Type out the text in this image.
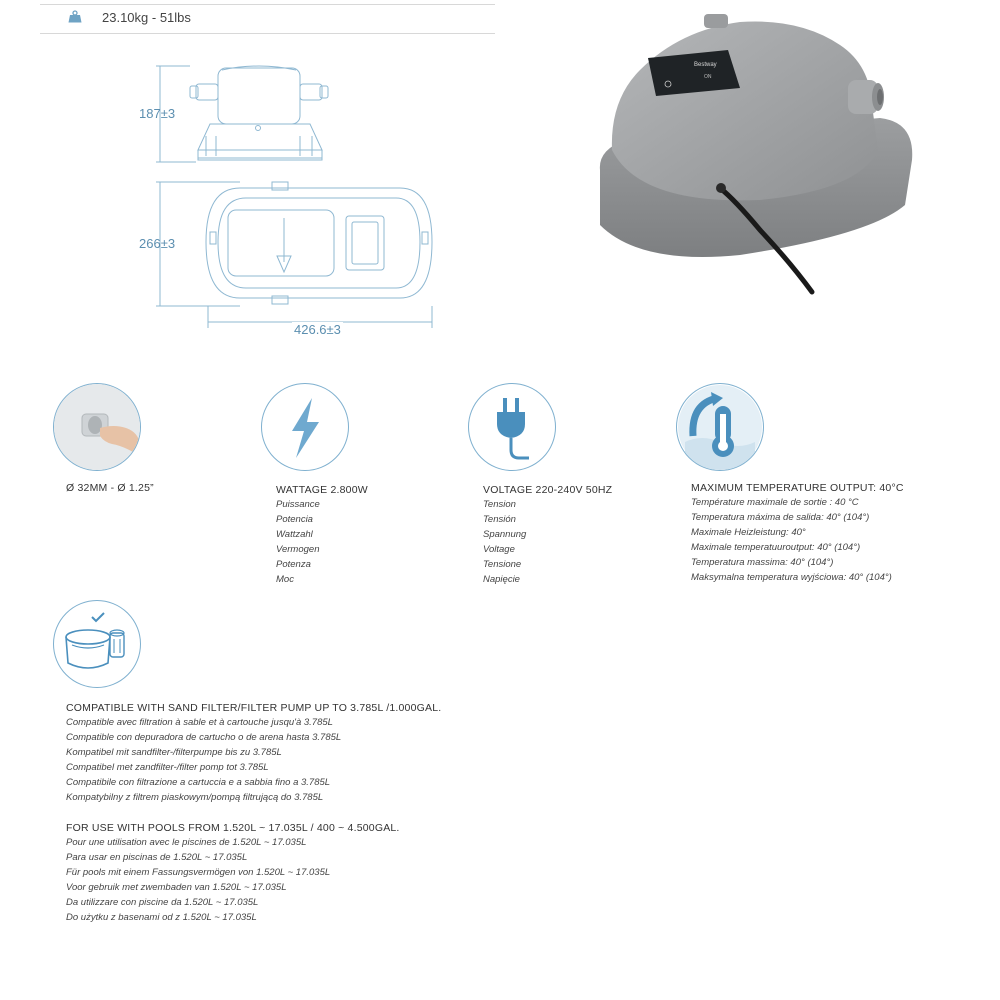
23.10kg - 51lbs
187±3
266±3
426.6±3
Bestway
ON
Ø 32MM - Ø 1.25”	WATTAGE 2.800W
Puissance
Potencia
Wattzahl
Vermogen
Potenza
Moc
VOLTAGE 220-240V 50HZ
Tension
Tensión
Spannung
Voltage
Tensione
Napięcie
MAXIMUM TEMPERATURE OUTPUT: 40°C
Température maximale de sortie : 40 °C
Temperatura máxima de salida: 40° (104°)
Maximale Heizleistung: 40°
Maximale temperatuuroutput: 40° (104°)
Temperatura massima: 40° (104°)
Maksymalna temperatura wyjściowa: 40° (104°)
COMPATIBLE WITH SAND FILTER/FILTER PUMP UP TO 3.785L /1.000GAL.
Compatible avec filtration à sable et à cartouche jusqu'à 3.785L
Compatible con depuradora de cartucho o de arena hasta 3.785L
Kompatibel mit sandfilter-/filterpumpe bis zu 3.785L
Compatibel met zandfilter-/filter pomp tot 3.785L
Compatibile con filtrazione a cartuccia e a sabbia fino a 3.785L
Kompatybilny z filtrem piaskowym/pompą filtrującą do 3.785L
FOR USE WITH POOLS FROM 1.520L ~ 17.035L / 400 ~ 4.500GAL.
Pour une utilisation avec le piscines de 1.520L ~ 17.035L
Para usar en piscinas de 1.520L ~ 17.035L
Für pools mit einem Fassungsvermögen von 1.520L ~ 17.035L
Voor gebruik met zwembaden van 1.520L ~ 17.035L
Da utilizzare con piscine da 1.520L ~ 17.035L
Do użytku z basenami od z 1.520L ~ 17.035L
